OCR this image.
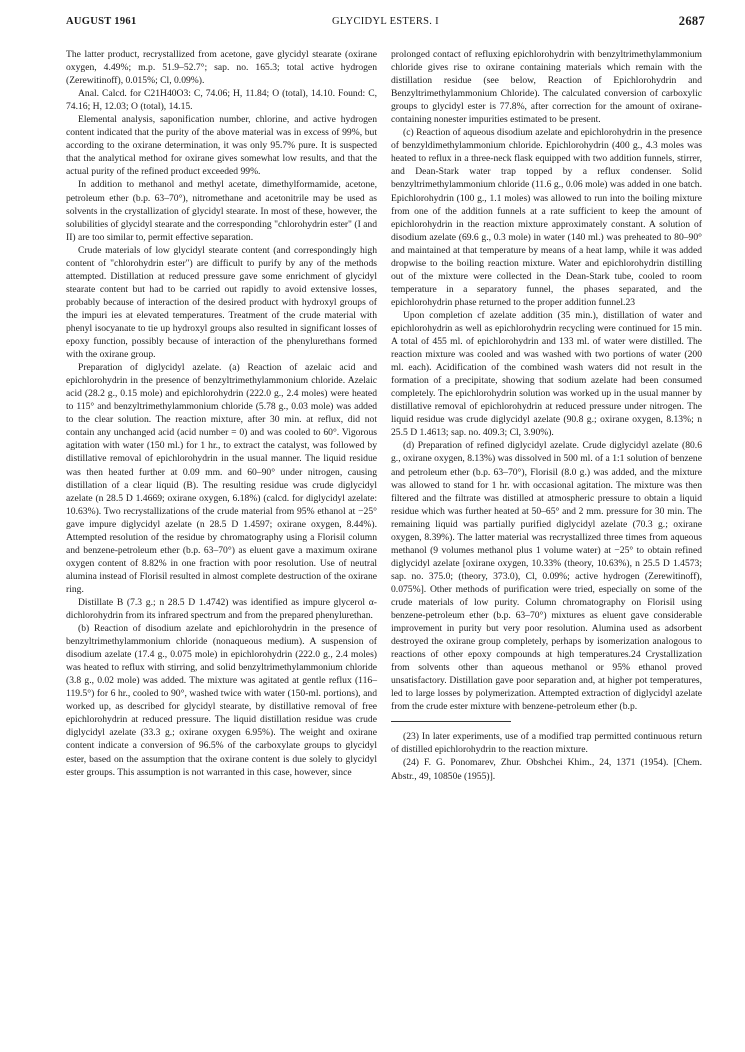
AUGUST 1961	GLYCIDYL ESTERS. I	2687

The latter product, recrystallized from acetone, gave glycidyl stearate (oxirane oxygen, 4.49%; m.p. 51.9–52.7°; sap. no. 165.3; total active hydrogen (Zerewitinoff), 0.015%; Cl, 0.09%).

Anal. Calcd. for C21H40O3: C, 74.06; H, 11.84; O (total), 14.10. Found: C, 74.16; H, 12.03; O (total), 14.15.

Elemental analysis, saponification number, chlorine, and active hydrogen content indicated that the purity of the above material was in excess of 99%, but according to the oxirane determination, it was only 95.7% pure. It is suspected that the analytical method for oxirane gives somewhat low results, and that the actual purity of the refined product exceeded 99%.

In addition to methanol and methyl acetate, dimethylformamide, acetone, petroleum ether (b.p. 63–70°), nitromethane and acetonitrile may be used as solvents in the crystallization of glycidyl stearate. In most of these, however, the solubilities of glycidyl stearate and the corresponding "chlorohydrin ester" (I and II) are too similar to, permit effective separation.

Crude materials of low glycidyl stearate content (and correspondingly high content of "chlorohydrin ester") are difficult to purify by any of the methods attempted. Distillation at reduced pressure gave some enrichment of glycidyl stearate content but had to be carried out rapidly to avoid extensive losses, probably because of interaction of the desired product with hydroxyl groups of the impuri ies at elevated temperatures. Treatment of the crude material with phenyl isocyanate to tie up hydroxyl groups also resulted in significant losses of epoxy function, possibly because of interaction of the phenylurethans formed with the oxirane group.

Preparation of diglycidyl azelate. (a) Reaction of azelaic acid and epichlorohydrin in the presence of benzyltrimethylammonium chloride. Azelaic acid (28.2 g., 0.15 mole) and epichlorohydrin (222.0 g., 2.4 moles) were heated to 115° and benzyltrimethylammonium chloride (5.78 g., 0.03 mole) was added to the clear solution. The reaction mixture, after 30 min. at reflux, did not contain any unchanged acid (acid number = 0) and was cooled to 60°. Vigorous agitation with water (150 ml.) for 1 hr., to extract the catalyst, was followed by distillative removal of epichlorohydrin in the usual manner. The liquid residue was then heated further at 0.09 mm. and 60–90° under nitrogen, causing distillation of a clear liquid (B). The resulting residue was crude diglycidyl azelate (n 28.5 D 1.4669; oxirane oxygen, 6.18%) (calcd. for diglycidyl azelate: 10.63%). Two recrystallizations of the crude material from 95% ethanol at −25° gave impure diglycidyl azelate (n 28.5 D 1.4597; oxirane oxygen, 8.44%). Attempted resolution of the residue by chromatography using a Florisil column and benzene-petroleum ether (b.p. 63–70°) as eluent gave a maximum oxirane oxygen content of 8.82% in one fraction with poor resolution. Use of neutral alumina instead of Florisil resulted in almost complete destruction of the oxirane ring.

Distillate B (7.3 g.; n 28.5 D 1.4742) was identified as impure glycerol α-dichlorohydrin from its infrared spectrum and from the prepared phenylurethan.

(b) Reaction of disodium azelate and epichlorohydrin in the presence of benzyltrimethylammonium chloride (nonaqueous medium). A suspension of disodium azelate (17.4 g., 0.075 mole) in epichlorohydrin (222.0 g., 2.4 moles) was heated to reflux with stirring, and solid benzyltrimethylammonium chloride (3.8 g., 0.02 mole) was added. The mixture was agitated at gentle reflux (116–119.5°) for 6 hr., cooled to 90°, washed twice with water (150-ml. portions), and worked up, as described for glycidyl stearate, by distillative removal of free epichlorohydrin at reduced pressure. The liquid distillation residue was crude diglycidyl azelate (33.3 g.; oxirane oxygen 6.95%). The weight and oxirane content indicate a conversion of 96.5% of the carboxylate groups to glycidyl ester, based on the assumption that the oxirane content is due solely to glycidyl ester groups. This assumption is not warranted in this case, however, since

prolonged contact of refluxing epichlorohydrin with benzyltrimethylammonium chloride gives rise to oxirane containing materials which remain with the distillation residue (see below, Reaction of Epichlorohydrin and Benzyltrimethylammonium Chloride). The calculated conversion of carboxylic groups to glycidyl ester is 77.8%, after correction for the amount of oxirane-containing nonester impurities estimated to be present.

(c) Reaction of aqueous disodium azelate and epichlorohydrin in the presence of benzyldimethylammonium chloride. Epichlorohydrin (400 g., 4.3 moles was heated to reflux in a three-neck flask equipped with two addition funnels, stirrer, and Dean-Stark water trap topped by a reflux condenser. Solid benzyltrimethylammonium chloride (11.6 g., 0.06 mole) was added in one batch. Epichlorohydrin (100 g., 1.1 moles) was allowed to run into the boiling mixture from one of the addition funnels at a rate sufficient to keep the amount of epichlorohydrin in the reaction mixture approximately constant. A solution of disodium azelate (69.6 g., 0.3 mole) in water (140 ml.) was preheated to 80–90° and maintained at that temperature by means of a heat lamp, while it was added dropwise to the boiling reaction mixture. Water and epichlorohydrin distilling out of the mixture were collected in the Dean-Stark tube, cooled to room temperature in a separatory funnel, the phases separated, and the epichlorohydrin phase returned to the proper addition funnel.23

Upon completion cf azelate addition (35 min.), distillation of water and epichlorohydrin as well as epichlorohydrin recycling were continued for 15 min. A total of 455 ml. of epichlorohydrin and 133 ml. of water were distilled. The reaction mixture was cooled and was washed with two portions of water (200 ml. each). Acidification of the combined wash waters did not result in the formation of a precipitate, showing that sodium azelate had been consumed completely. The epichlorohydrin solution was worked up in the usual manner by distillative removal of epichlorohydrin at reduced pressure under nitrogen. The liquid residue was crude diglycidyl azelate (90.8 g.; oxirane oxygen, 8.13%; n 25.5 D 1.4613; sap. no. 409.3; Cl, 3.90%).

(d) Preparation of refined diglycidyl azelate. Crude diglycidyl azelate (80.6 g., oxirane oxygen, 8.13%) was dissolved in 500 ml. of a 1:1 solution of benzene and petroleum ether (b.p. 63–70°), Florisil (8.0 g.) was added, and the mixture was allowed to stand for 1 hr. with occasional agitation. The mixture was then filtered and the filtrate was distilled at atmospheric pressure to obtain a liquid residue which was further heated at 50–65° and 2 mm. pressure for 30 min. The remaining liquid was partially purified diglycidyl azelate (70.3 g.; oxirane oxygen, 8.39%). The latter material was recrystallized three times from aqueous methanol (9 volumes methanol plus 1 volume water) at −25° to obtain refined diglycidyl azelate [oxirane oxygen, 10.33% (theory, 10.63%), n 25.5 D 1.4573; sap. no. 375.0; (theory, 373.0), Cl, 0.09%; active hydrogen (Zerewitinoff), 0.075%]. Other methods of purification were tried, especially on some of the crude materials of low purity. Column chromatography on Florisil using benzene-petroleum ether (b.p. 63–70°) mixtures as eluent gave considerable improvement in purity but very poor resolution. Alumina used as adsorbent destroyed the oxirane group completely, perhaps by isomerization analogous to reactions of other epoxy compounds at high temperatures.24 Crystallization from solvents other than aqueous methanol or 95% ethanol proved unsatisfactory. Distillation gave poor separation and, at higher pot temperatures, led to large losses by polymerization. Attempted extraction of diglycidyl azelate from the crude ester mixture with benzene-petroleum ether (b.p.

(23) In later experiments, use of a modified trap permitted continuous return of distilled epichlorohydrin to the reaction mixture.

(24) F. G. Ponomarev, Zhur. Obshchei Khim., 24, 1371 (1954). [Chem. Abstr., 49, 10850e (1955)].
